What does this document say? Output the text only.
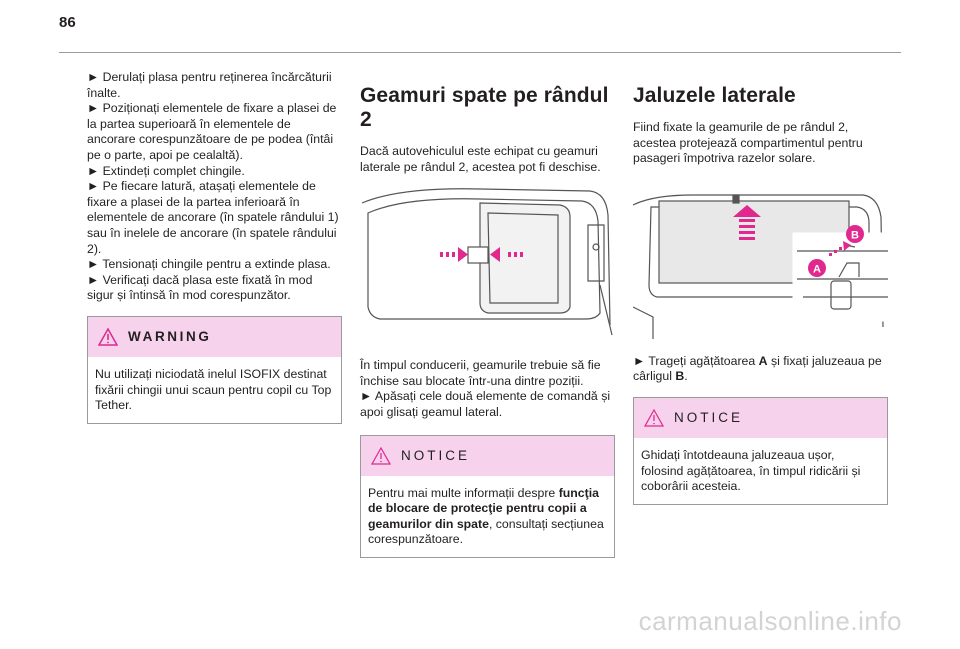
86

► Derulați plasa pentru reținerea încărcăturii înalte.

► Poziționați elementele de fixare a plasei de la partea superioară în elementele de ancorare corespunzătoare de pe podea (întâi pe o parte, apoi pe cealaltă).

► Extindeți complet chingile.

► Pe fiecare latură, atașați elementele de fixare a plasei de la partea inferioară în elementele de ancorare (în spatele rândului 1) sau în inelele de ancorare (în spatele rândului 2).

► Tensionați chingile pentru a extinde plasa.

► Verificați dacă plasa este fixată în mod sigur și întinsă în mod corespunzător.

WARNING
Nu utilizați niciodată inelul ISOFIX destinat fixării chingii unui scaun pentru copil cu Top Tether.
Geamuri spate pe rândul 2

Dacă autovehiculul este echipat cu geamuri laterale pe rândul 2, acestea pot fi deschise.

În timpul conducerii, geamurile trebuie să fie închise sau blocate într-una dintre poziții.

► Apăsați cele două elemente de comandă și apoi glisați geamul lateral.

NOTICE
Pentru mai multe informații despre funcţia de blocare de protecţie pentru copii a geamurilor din spate, consultați secțiunea corespunzătoare.
Jaluzele laterale

Fiind fixate la geamurile de pe rândul 2, acestea protejează compartimentul pentru pasageri împotriva razelor solare.

B
A

► Trageți agățătoarea A și fixați jaluzeaua pe cârligul B.

NOTICE
Ghidați întotdeauna jaluzeaua ușor, folosind agățătoarea, în timpul ridicării și coborârii acesteia.
carmanualsonline.info
